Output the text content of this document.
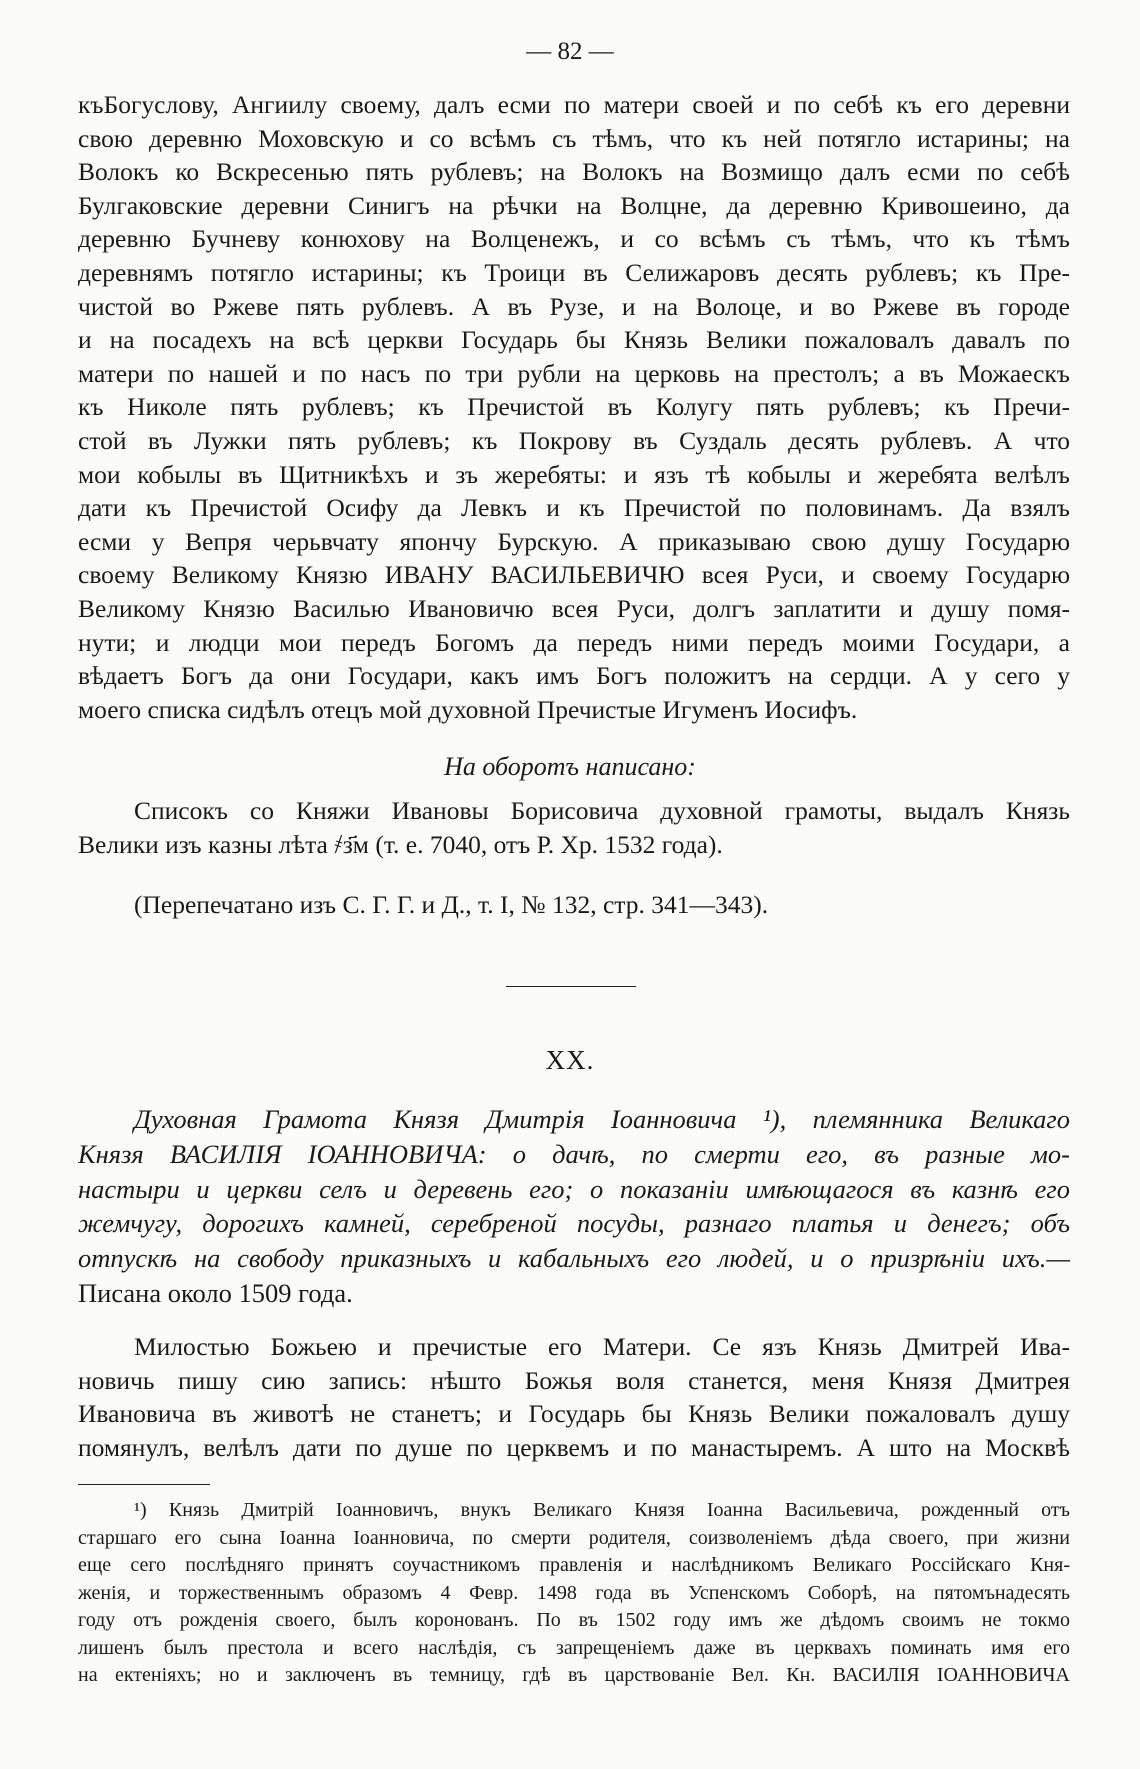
— 82 —
къБогуслову, Ангиилу своему, далъ есми по матери своей и по себѣ къ его деревни
свою деревню Моховскую и со всѣмъ съ тѣмъ, что къ ней потягло истарины; на
Волокъ ко Вскресенью пять рублевъ; на Волокъ на Возмищо далъ есми по себѣ
Булгаковские деревни Синигъ на рѣчки на Волцне, да деревню Кривошеино, да
деревню Бучневу конюхову на Волценежъ, и со всѣмъ съ тѣмъ, что къ тѣмъ
деревнямъ потягло истарины; къ Троици въ Селижаровъ десять рублевъ; къ Пре-
чистой во Ржеве пять рублевъ. А въ Рузе, и на Волоце, и во Ржеве въ городе
и на посадехъ на всѣ церкви Государь бы Князь Велики пожаловалъ давалъ по
матери по нашей и по насъ по три рубли на церковь на престолъ; а въ Можаескъ
къ Николе пять рублевъ; къ Пречистой въ Колугу пять рублевъ; къ Пречи-
стой въ Лужки пять рублевъ; къ Покрову въ Суздаль десять рублевъ. А что
мои кобылы въ Щитникѣхъ и зъ жеребяты: и язъ тѣ кобылы и жеребята велѣлъ
дати къ Пречистой Осифу да Левкъ и къ Пречистой по половинамъ. Да взялъ
есми у Вепря черьвчату япончу Бурскую. А приказываю свою душу Государю
своему Великому Князю ИВАНУ ВАСИЛЬЕВИЧЮ всея Руси, и своему Государю
Великому Князю Василью Ивановичю всея Руси, долгъ заплатити и душу помя-
нути; и людци мои передъ Богомъ да передъ ними передъ моими Государи, а
вѣдаетъ Богъ да они Государи, какъ имъ Богъ положитъ на сердци. А у сего у
моего списка сидѣлъ отецъ мой духовной Пречистые Игуменъ Иосифъ.
На оборотъ написано:
Списокъ со Княжи Ивановы Борисовича духовной грамоты, выдалъ Князь
Велики изъ казны лѣта ҂з҃м (т. е. 7040, отъ Р. Хр. 1532 года).
(Перепечатано изъ С. Г. Г. и Д., т. I, № 132, стр. 341—343).
XX.
Духовная Грамота Князя Дмитрія Іоанновича ¹), племянника Великаго
Князя ВАСИЛІЯ ІОАННОВИЧА: о дачѣ, по смерти его, въ разные мо-
настыри и церкви селъ и деревень его; о показаніи имѣющагося въ казнѣ его
жемчугу, дорогихъ камней, серебреной посуды, разнаго платья и денегъ; объ
отпускѣ на свободу приказныхъ и кабальныхъ его людей, и о призрѣніи ихъ.—
Писана около 1509 года.
Милостью Божьею и пречистые его Матери. Се язъ Князь Дмитрей Ива-
новичь пишу сию запись: нѣшто Божья воля станется, меня Князя Дмитрея
Ивановича въ животѣ не станетъ; и Государь бы Князь Велики пожаловалъ душу
помянулъ, велѣлъ дати по душе по церквемъ и по манастыремъ. А што на Москвѣ
¹) Князь Дмитрій Іоанновичъ, внукъ Великаго Князя Іоанна Васильевича, рожденный отъ
старшаго его сына Іоанна Іоанновича, по смерти родителя, соизволеніемъ дѣда своего, при жизни
еще сего послѣдняго принятъ соучастникомъ правленія и наслѣдникомъ Великаго Россійскаго Кня-
женія, и торжественнымъ образомъ 4 Февр. 1498 года въ Успенскомъ Соборѣ, на пятомънадесять
году отъ рожденія своего, былъ коронованъ. По въ 1502 году имъ же дѣдомъ своимъ не токмо
лишенъ былъ престола и всего наслѣдія, съ запрещеніемъ даже въ церквахъ поминать имя его
на ектеніяхъ; но и заключенъ въ темницу, гдѣ въ царствованіе Вел. Кн. ВАСИЛІЯ ІОАННОВИЧА
